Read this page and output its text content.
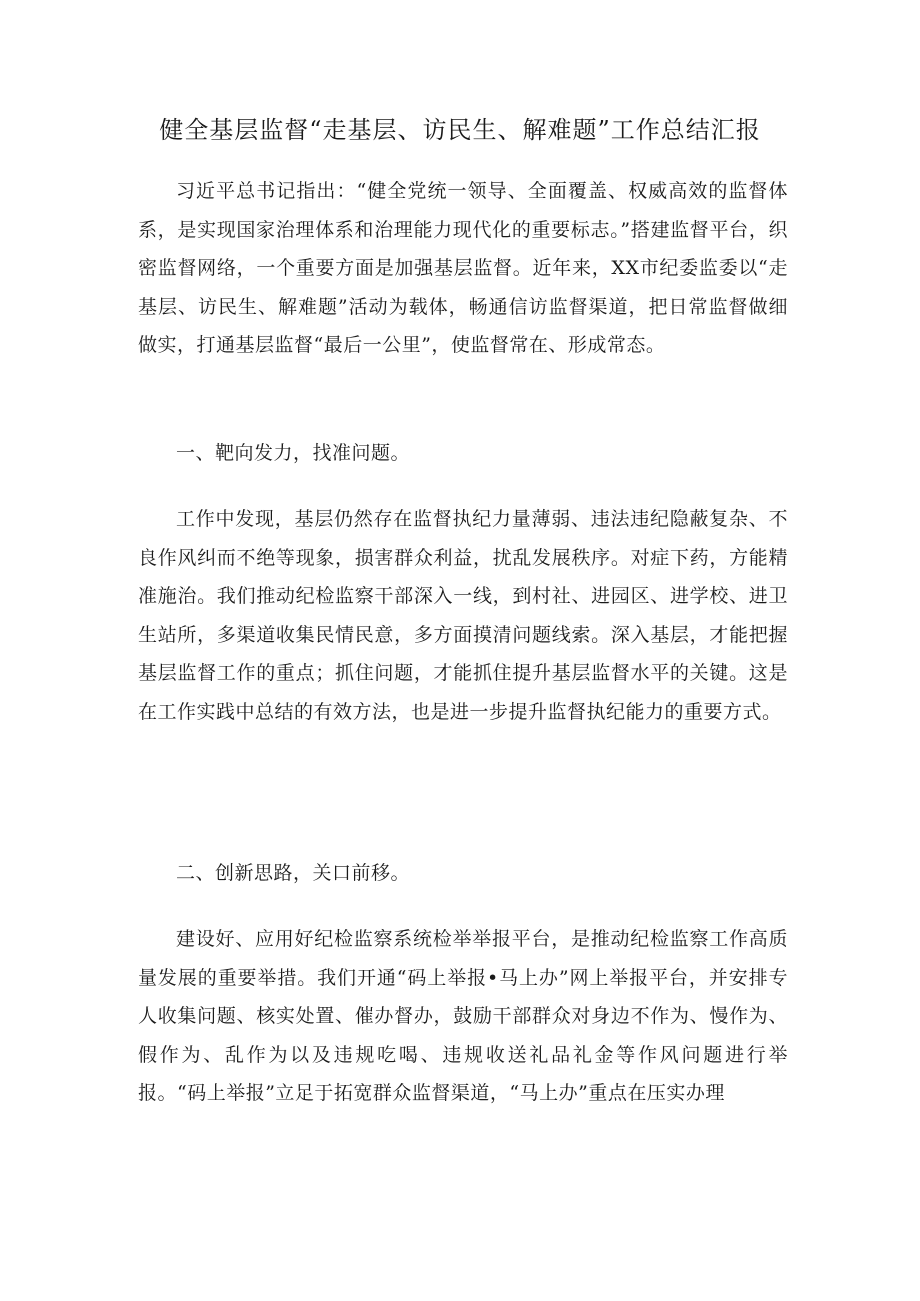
健全基层监督“走基层、访民生、解难题”工作总结汇报

习近平总书记指出：“健全党统一领导、全面覆盖、权威高效的监督体系，是实现国家治理体系和治理能力现代化的重要标志。”搭建监督平台，织密监督网络，一个重要方面是加强基层监督。近年来，XX市纪委监委以“走基层、访民生、解难题”活动为载体，畅通信访监督渠道，把日常监督做细做实，打通基层监督“最后一公里”，使监督常在、形成常态。

一、靶向发力，找准问题。

工作中发现，基层仍然存在监督执纪力量薄弱、违法违纪隐蔽复杂、不良作风纠而不绝等现象，损害群众利益，扰乱发展秩序。对症下药，方能精准施治。我们推动纪检监察干部深入一线，到村社、进园区、进学校、进卫生站所，多渠道收集民情民意，多方面摸清问题线索。深入基层，才能把握基层监督工作的重点；抓住问题，才能抓住提升基层监督水平的关键。这是在工作实践中总结的有效方法，也是进一步提升监督执纪能力的重要方式。

二、创新思路，关口前移。

建设好、应用好纪检监察系统检举举报平台，是推动纪检监察工作高质量发展的重要举措。我们开通“码上举报•马上办”网上举报平台，并安排专人收集问题、核实处置、催办督办，鼓励干部群众对身边不作为、慢作为、假作为、乱作为以及违规吃喝、违规收送礼品礼金等作风问题进行举报。“码上举报”立足于拓宽群众监督渠道，“马上办”重点在压实办理
